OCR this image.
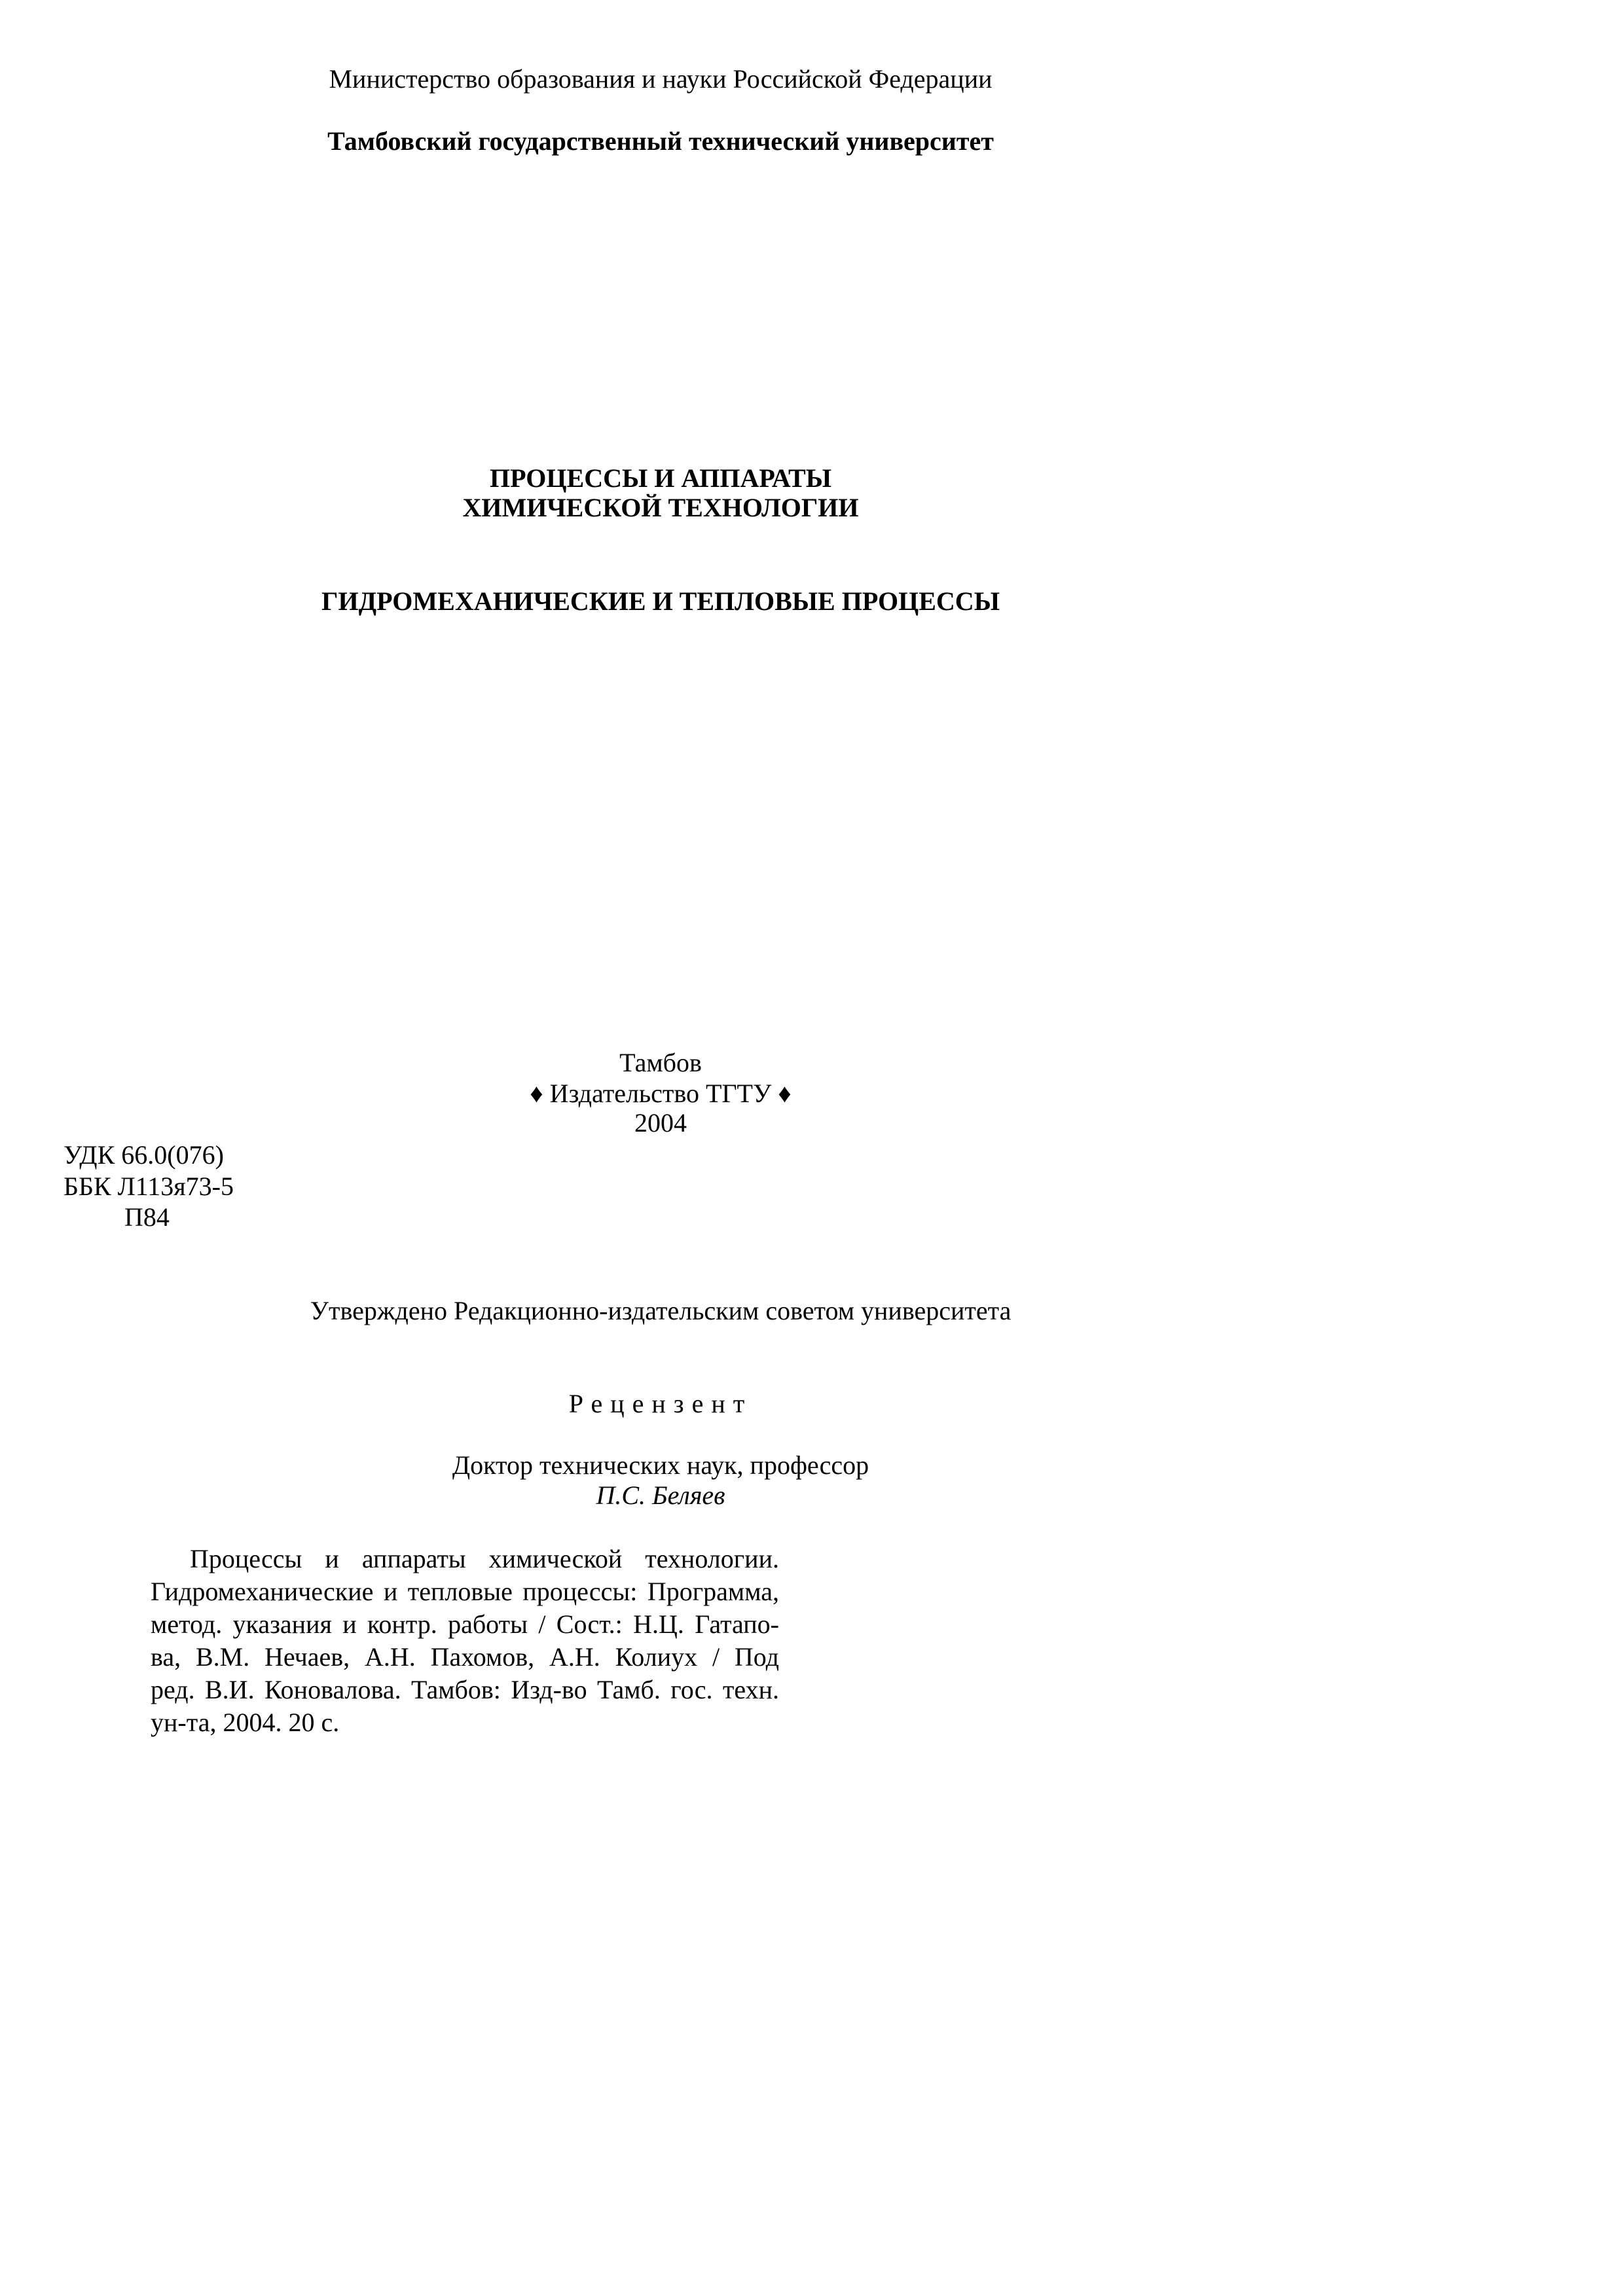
Министерство образования и науки Российской Федерации
Тамбовский государственный технический университет
ПРОЦЕССЫ И АППАРАТЫ
ХИМИЧЕСКОЙ ТЕХНОЛОГИИ
ГИДРОМЕХАНИЧЕСКИЕ И ТЕПЛОВЫЕ ПРОЦЕССЫ
Тамбов
♦ Издательство ТГТУ ♦
2004
УДК 66.0(076)
ББК Л113я73-5
П84
Утверждено Редакционно-издательским советом университета
Рецензент
Доктор технических наук, профессор
П.С. Беляев
Процессы и аппараты химической технологии.
Гидромеханические и тепловые процессы: Программа,
метод. указания и контр. работы / Сост.: Н.Ц. Гатапо-
ва, В.М. Нечаев, А.Н. Пахомов, А.Н. Колиух / Под
ред. В.И. Коновалова. Тамбов: Изд-во Тамб. гос. техн.
ун-та, 2004. 20 с.
